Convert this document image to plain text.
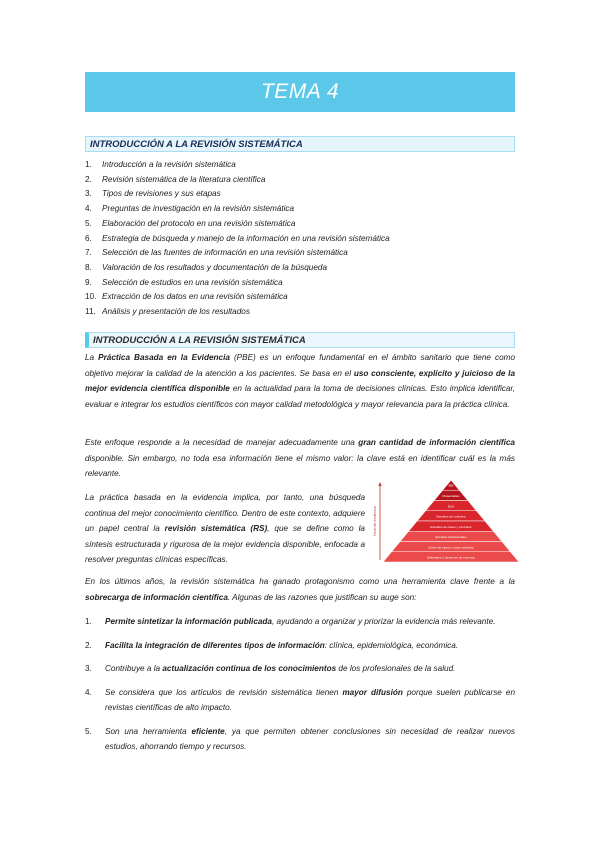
TEMA 4
INTRODUCCIÓN A LA REVISIÓN SISTEMÁTICA
1. Introducción a la revisión sistemática
2. Revisión sistemática de la literatura científica
3. Tipos de revisiones y sus etapas
4. Preguntas de investigación en la revisión sistemática
5. Elaboración del protocolo en una revisión sistemática
6. Estrategia de búsqueda y manejo de la información en una revisión sistemática
7. Selección de las fuentes de información en una revisión sistemática
8. Valoración de los resultados y documentación de la búsqueda
9. Selección de estudios en una revisión sistemática
10. Extracción de los datos en una revisión sistemática
11. Análisis y presentación de los resultados
INTRODUCCIÓN A LA REVISIÓN SISTEMÁTICA

La Práctica Basada en la Evidencia (PBE) es un enfoque fundamental en el ámbito sanitario que tiene como objetivo mejorar la calidad de la atención a los pacientes. Se basa en el uso consciente, explícito y juicioso de la mejor evidencia científica disponible en la actualidad para la toma de decisiones clínicas. Esto implica identificar, evaluar e integrar los estudios científicos con mayor calidad metodológica y mayor relevancia para la práctica clínica.

Este enfoque responde a la necesidad de manejar adecuadamente una gran cantidad de información científica disponible. Sin embargo, no toda esa información tiene el mismo valor: la clave está en identificar cuál es la más relevante.

La práctica basada en la evidencia implica, por tanto, una búsqueda continua del mejor conocimiento científico. Dentro de este contexto, adquiere un papel central la revisión sistemática (RS), que se define como la síntesis estructurada y rigurosa de la mejor evidencia disponible, enfocada a resolver preguntas clínicas específicas.

Nivel de evidencia
RS
Metaanálisis
ECA
Estudios de cohortes
Estudios de casos y controles
Estudios transversales
Series de casos o casos aislados
Editoriales y opiniones de expertos

En los últimos años, la revisión sistemática ha ganado protagonismo como una herramienta clave frente a la sobrecarga de información científica. Algunas de las razones que justifican su auge son:

1. Permite sintetizar la información publicada, ayudando a organizar y priorizar la evidencia más relevante.
2. Facilita la integración de diferentes tipos de información: clínica, epidemiológica, económica.
3. Contribuye a la actualización continua de los conocimientos de los profesionales de la salud.
4. Se considera que los artículos de revisión sistemática tienen mayor difusión porque suelen publicarse en revistas científicas de alto impacto.
5. Son una herramienta eficiente, ya que permiten obtener conclusiones sin necesidad de realizar nuevos estudios, ahorrando tiempo y recursos.
